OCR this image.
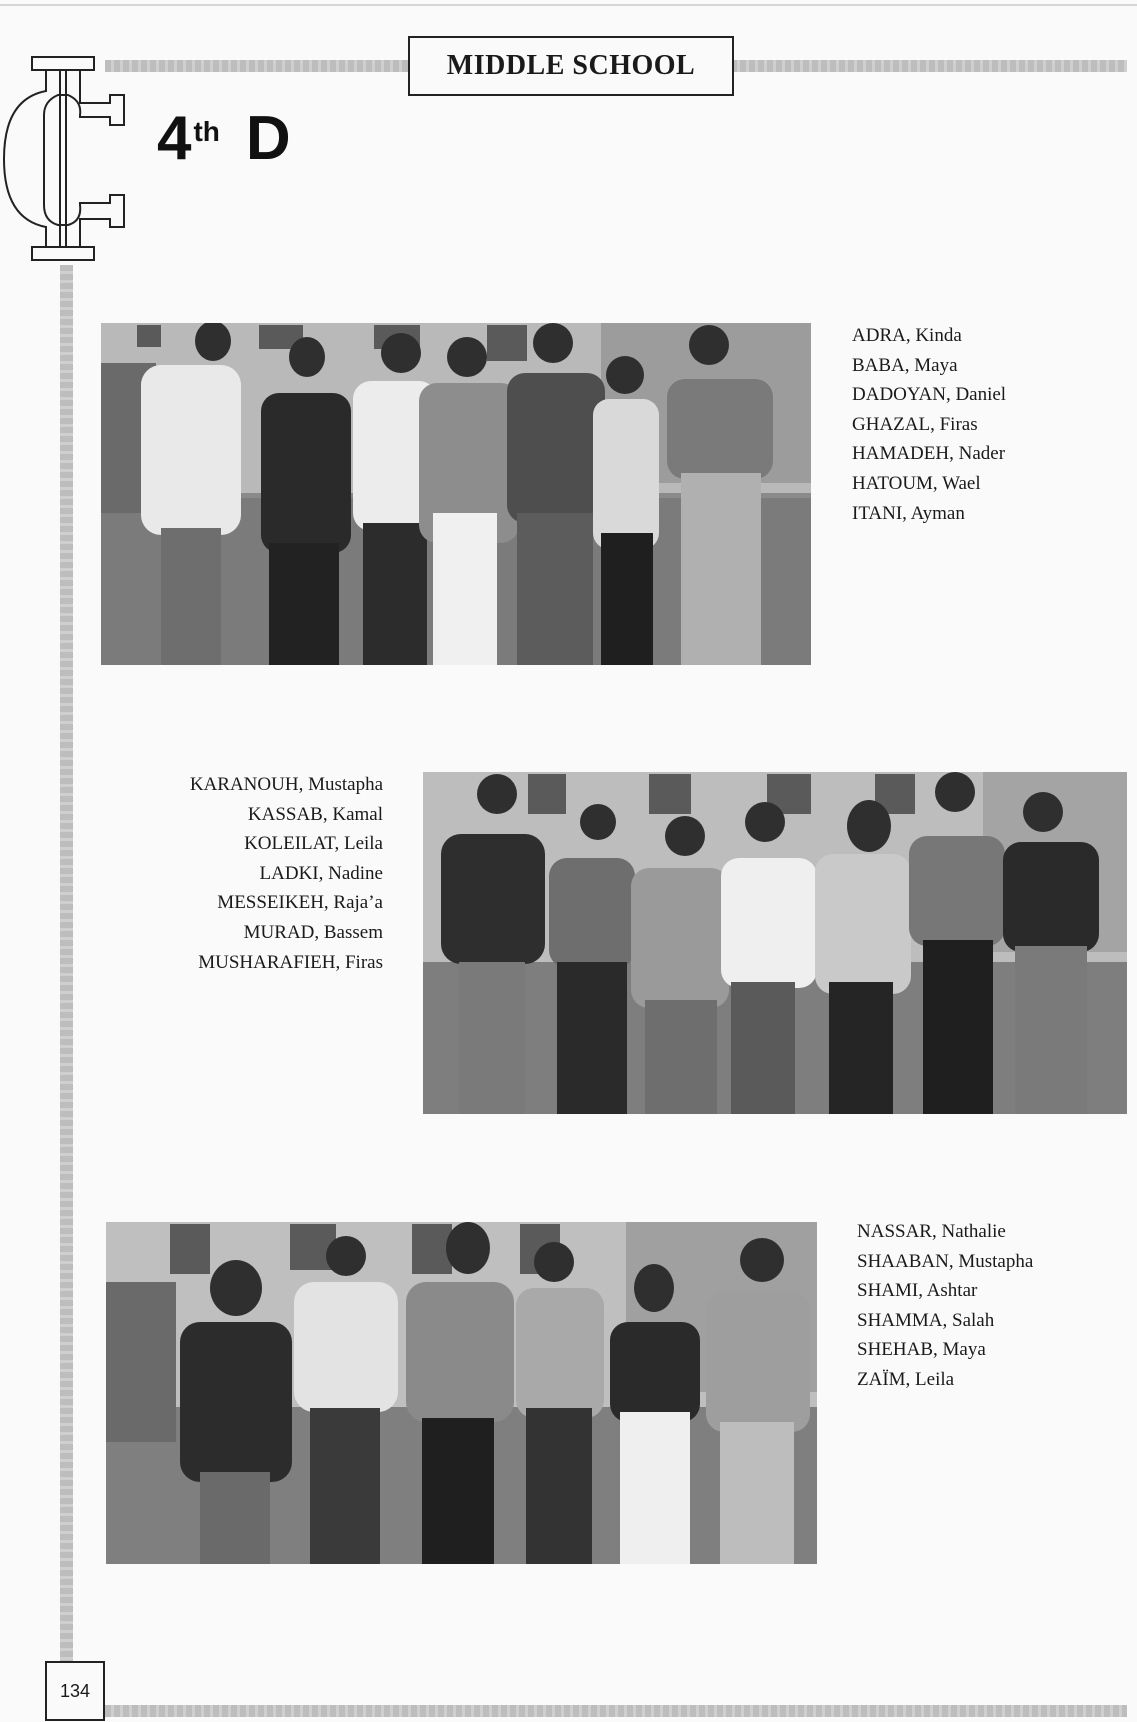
MIDDLE SCHOOL
4 th D
ADRA, Kinda
BABA, Maya
DADOYAN, Daniel
GHAZAL, Firas
HAMADEH, Nader
HATOUM, Wael
ITANI, Ayman
KARANOUH, Mustapha
KASSAB, Kamal
KOLEILAT, Leila
LADKI, Nadine
MESSEIKEH, Raja’a
MURAD, Bassem
MUSHARAFIEH, Firas
NASSAR, Nathalie
SHAABAN, Mustapha
SHAMI, Ashtar
SHAMMA, Salah
SHEHAB, Maya
ZAÏM, Leila
134
